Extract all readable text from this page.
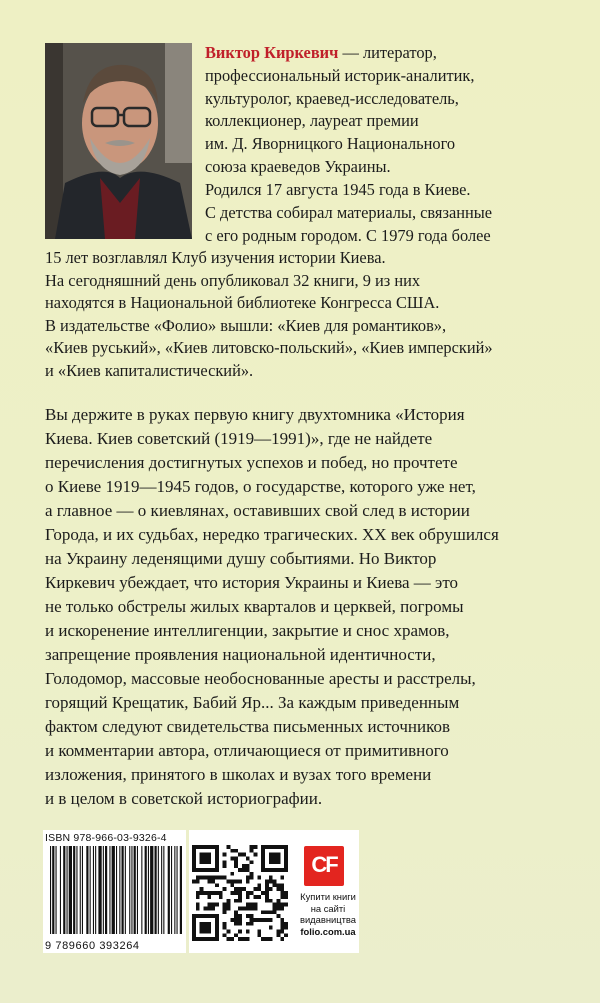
Виктор Киркевич — литератор,
профессиональный историк-аналитик,
культуролог, краевед-исследователь,
коллекционер, лауреат премии
им. Д. Яворницкого Национального
союза краеведов Украины.
Родился 17 августа 1945 года в Киеве.
С детства собирал материалы, связанные
с его родным городом. С 1979 года более
15 лет возглавлял Клуб изучения истории Киева.
На сегодняшний день опубликовал 32 книги, 9 из них
находятся в Национальной библиотеке Конгресса США.
В издательстве «Фолио» вышли: «Киев для романтиков»,
«Киев руський», «Киев литовско-польский», «Киев имперский»
и «Киев капиталистический».
Вы держите в руках первую книгу двухтомника «История
Киева. Киев советский (1919—1991)», где не найдете
перечисления достигнутых успехов и побед, но прочтете
о Киеве 1919—1945 годов, о государстве, которого уже нет,
а главное — о киевлянах, оставивших свой след в истории
Города, и их судьбах, нередко трагических. XX век обрушился
на Украину леденящими душу событиями. Но Виктор
Киркевич убеждает, что история Украины и Киева — это
не только обстрелы жилых кварталов и церквей, погромы
и искоренение интеллигенции, закрытие и снос храмов,
запрещение проявления национальной идентичности,
Голодомор, массовые необоснованные аресты и расстрелы,
горящий Крещатик, Бабий Яр... За каждым приведенным
фактом следуют свидетельства письменных источников
и комментарии автора, отличающиеся от примитивного
изложения, принятого в школах и вузах того времени
и в целом в советской историографии.
ISBN 978-966-03-9326-4
9 789660 393264
CF
Купити книги
на сайті
видавництва
folio.com.ua
